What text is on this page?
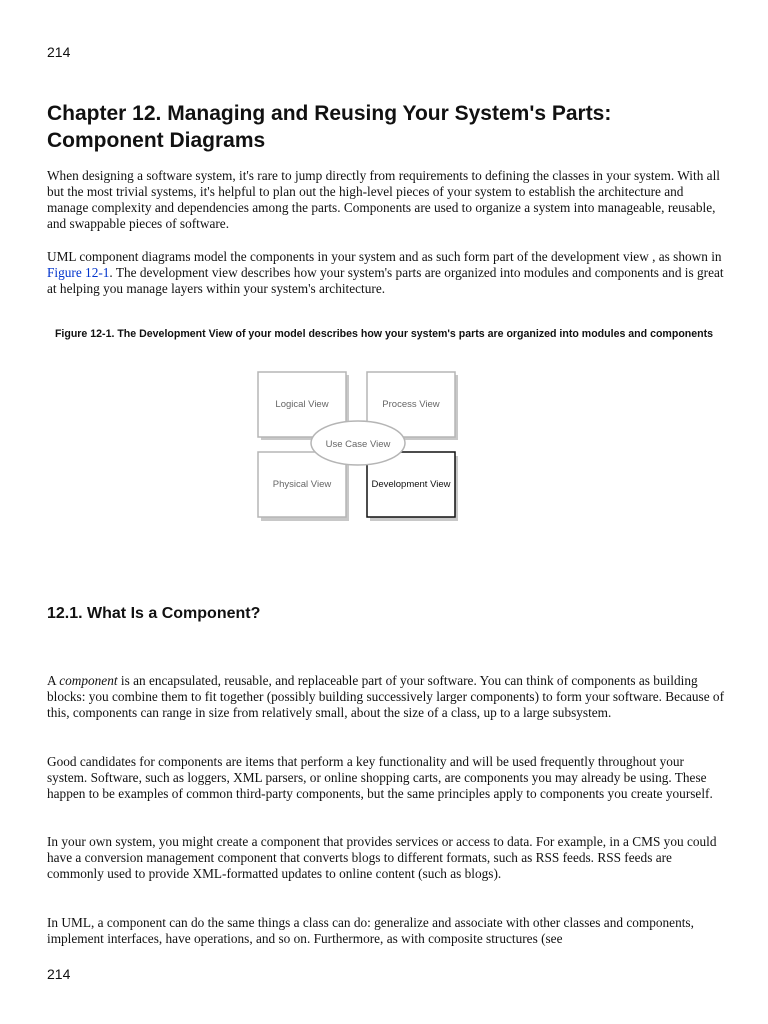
214
Chapter 12. Managing and Reusing Your System's Parts: Component Diagrams

When designing a software system, it's rare to jump directly from requirements to defining the classes in your system. With all but the most trivial systems, it's helpful to plan out the high-level pieces of your system to establish the architecture and manage complexity and dependencies among the parts. Components are used to organize a system into manageable, reusable, and swappable pieces of software.

UML component diagrams model the components in your system and as such form part of the development view , as shown in Figure 12-1. The development view describes how your system's parts are organized into modules and components and is great at helping you manage layers within your system's architecture.

Figure 12-1. The Development View of your model describes how your system's parts are organized into modules and components

Logical View	Process View
Physical View	Development View
Use Case View
12.1. What Is a Component?

A component is an encapsulated, reusable, and replaceable part of your software. You can think of components as building blocks: you combine them to fit together (possibly building successively larger components) to form your software. Because of this, components can range in size from relatively small, about the size of a class, up to a large subsystem.

Good candidates for components are items that perform a key functionality and will be used frequently throughout your system. Software, such as loggers, XML parsers, or online shopping carts, are components you may already be using. These happen to be examples of common third-party components, but the same principles apply to components you create yourself.

In your own system, you might create a component that provides services or access to data. For example, in a CMS you could have a conversion management component that converts blogs to different formats, such as RSS feeds. RSS feeds are commonly used to provide XML-formatted updates to online content (such as blogs).

In UML, a component can do the same things a class can do: generalize and associate with other classes and components, implement interfaces, have operations, and so on. Furthermore, as with composite structures (see

214
